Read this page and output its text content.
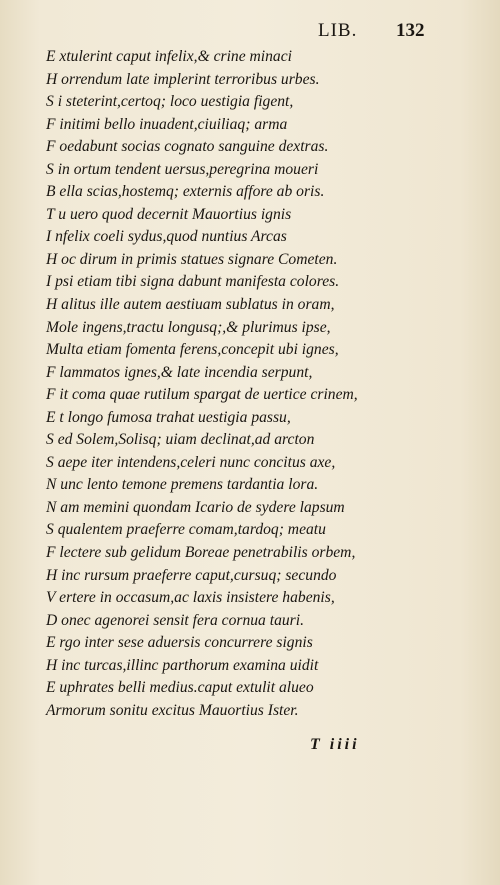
LIB. 132
E xtulerint caput infelix,& crine minaci
H orrendum late implerint terroribus urbes.
S i steterint,certoq; loco uestigia figent,
F initimi bello inuadent,ciuiliaq; arma
F oedabunt socias cognato sanguine dextras.
S in ortum tendent uersus,peregrina moueri
B ella scias,hostemq; externis affore ab oris.
T u uero quod decernit Mauortius ignis
I nfelix coeli sydus,quod nuntius Arcas
H oc dirum in primis statues signare Cometen.
I psi etiam tibi signa dabunt manifesta colores.
H alitus ille autem aestiuam sublatus in oram,
Mole ingens,tractu longusq;,& plurimus ipse,
Multa etiam fomenta ferens,concepit ubi ignes,
F lammatos ignes,& late incendia serpunt,
F it coma quae rutilum spargat de uertice crinem,
E t longo fumosa trahat uestigia passu,
S ed Solem,Solisq; uiam declinat,ad arcton
S aepe iter intendens,celeri nunc concitus axe,
N unc lento temone premens tardantia lora.
N am memini quondam Icario de sydere lapsum
S qualentem praeferre comam,tardoq; meatu
F lectere sub gelidum Boreae penetrabilis orbem,
H inc rursum praeferre caput,cursuq; secundo
V ertere in occasum,ac laxis insistere habenis,
D onec agenorei sensit fera cornua tauri.
E rgo inter sese aduersis concurrere signis
H inc turcas,illinc parthorum examina uidit
E uphrates belli medius.caput extulit alueo
Armorum sonitu excitus Mauortius Ister.
T iiii
